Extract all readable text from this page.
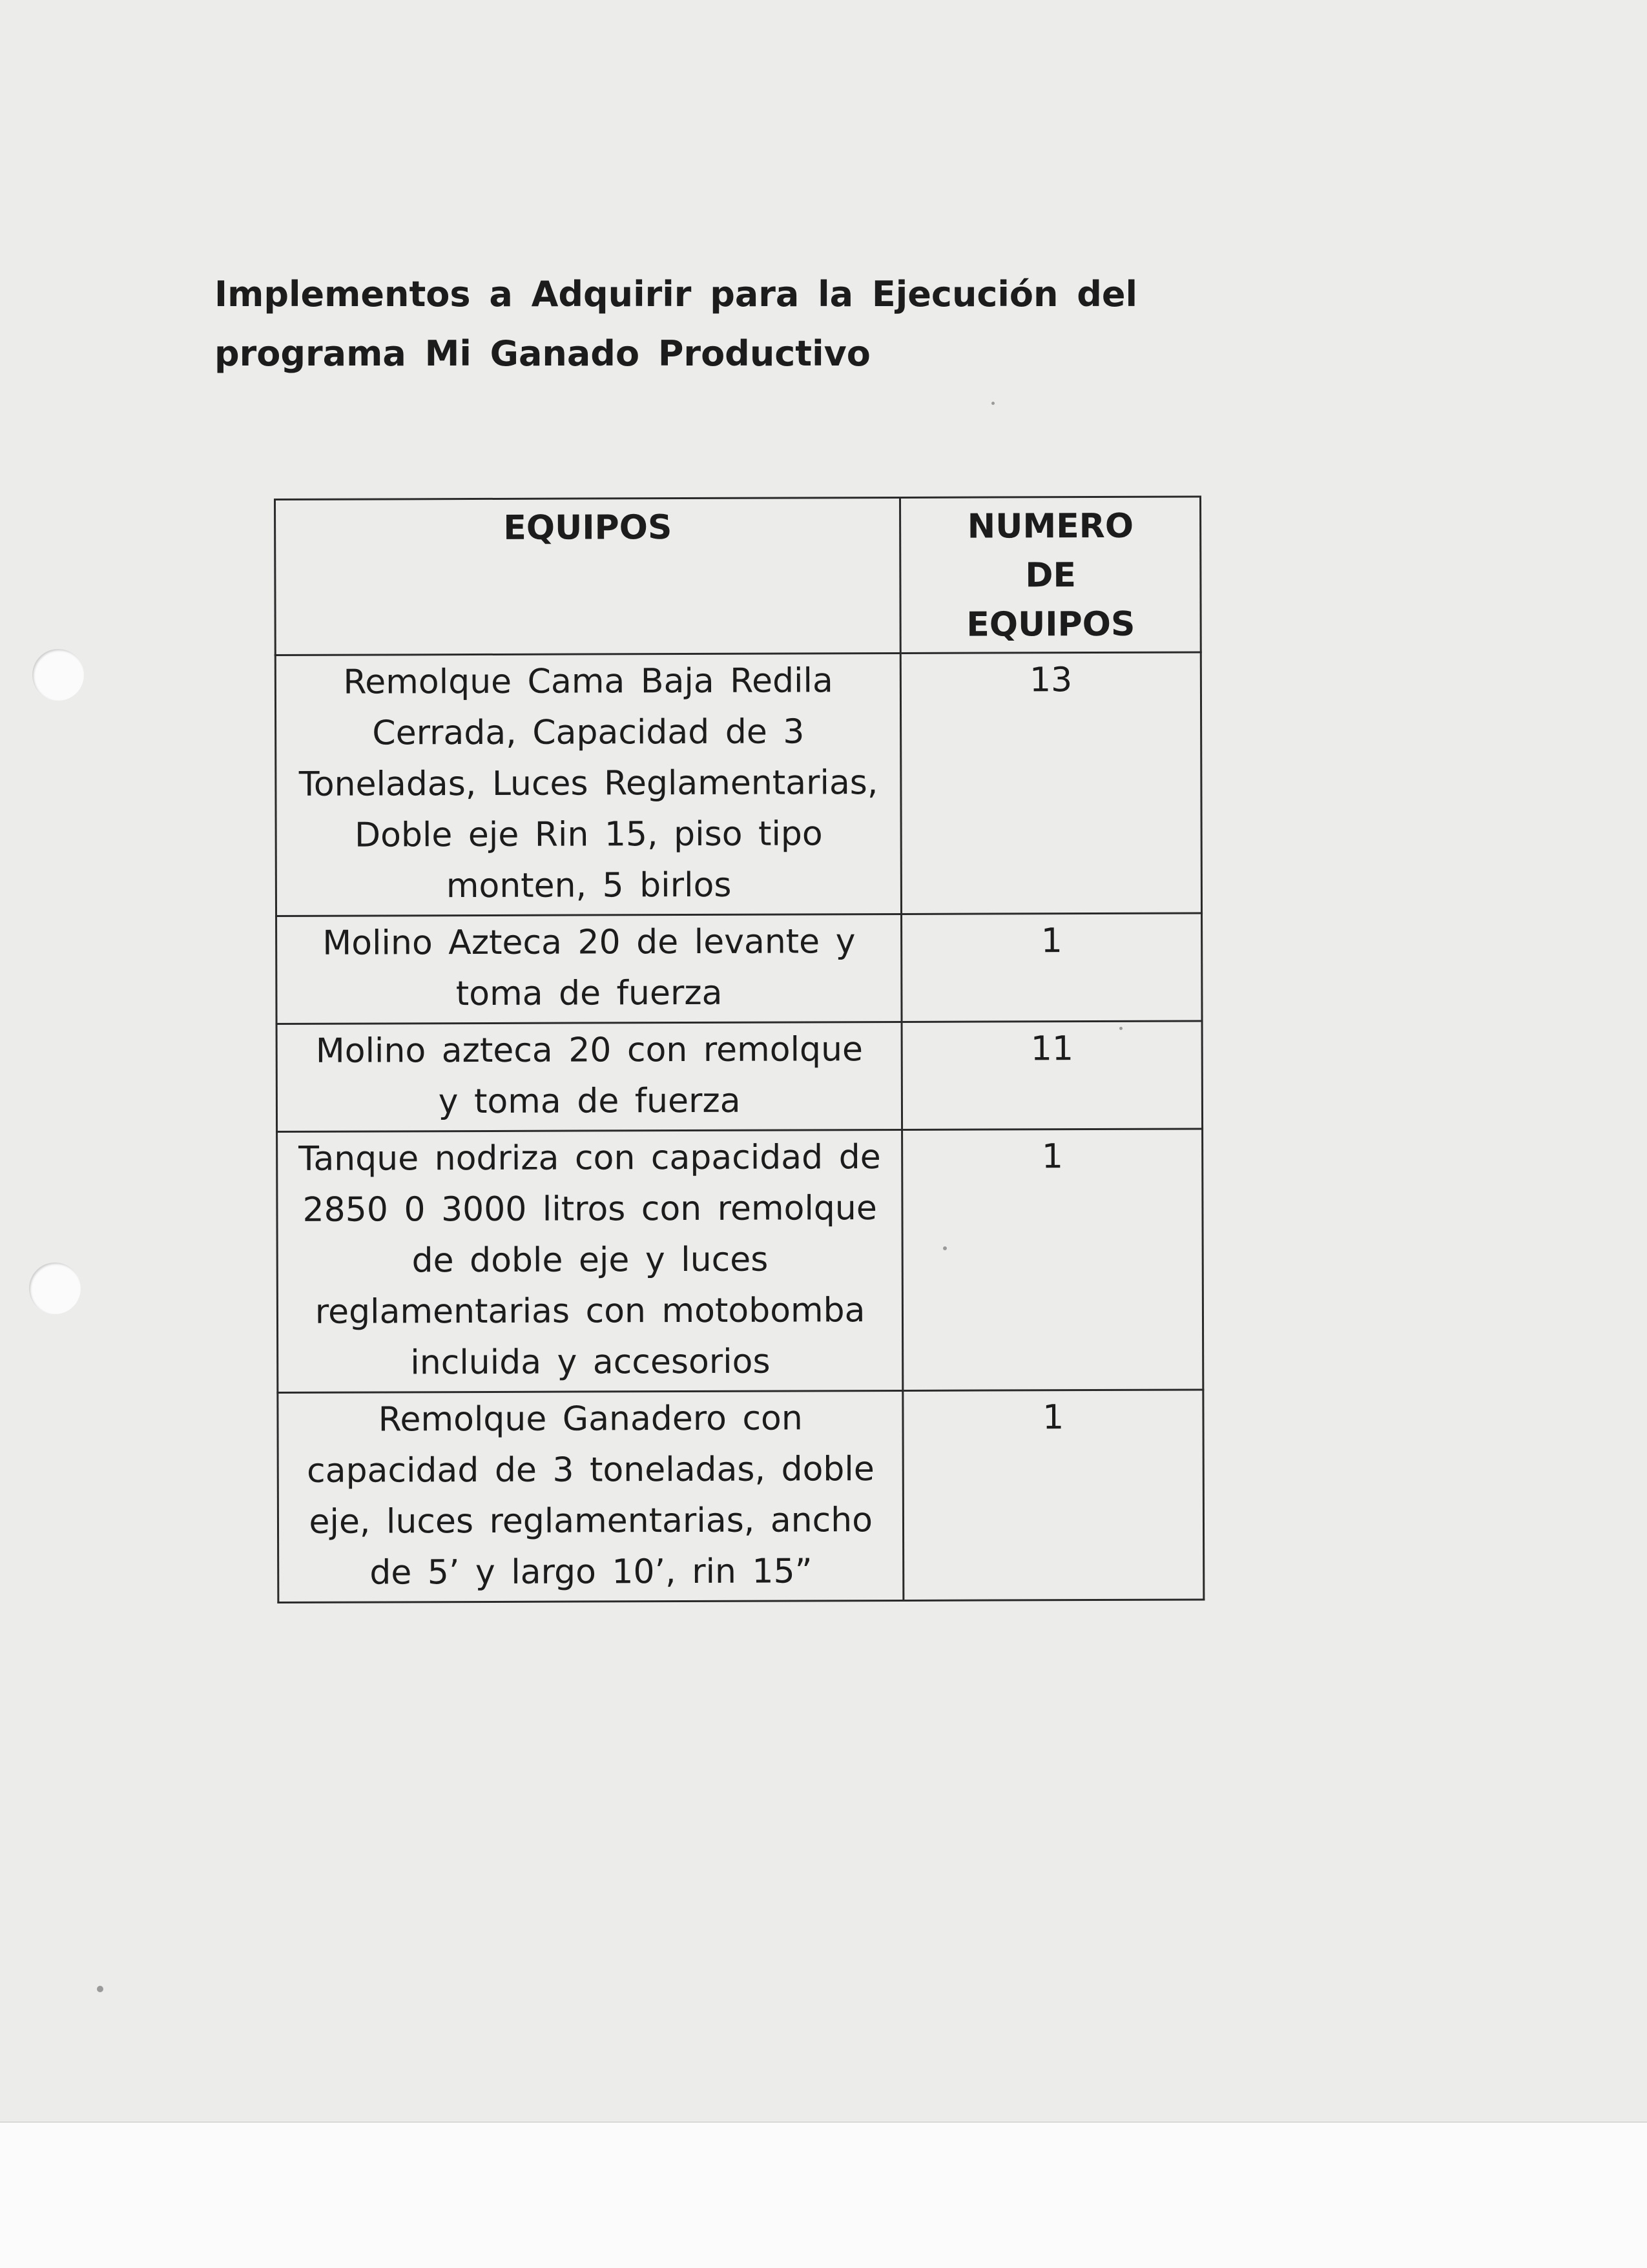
Implementos a Adquirir para la Ejecución del programa Mi Ganado Productivo
EQUIPOS	NUMERO DE EQUIPOS

Remolque Cama Baja Redila Cerrada, Capacidad de 3 Toneladas, Luces Reglamentarias, Doble eje Rin 15, piso tipo monten, 5 birlos	13

Molino Azteca 20 de levante y toma de fuerza	1

Molino azteca 20 con remolque y toma de fuerza	11

Tanque nodriza con capacidad de 2850 0 3000 litros con remolque de doble eje y luces reglamentarias con motobomba incluida y accesorios	1

Remolque Ganadero con capacidad de 3 toneladas, doble eje, luces reglamentarias, ancho de 5’ y largo 10’, rin 15”	1
